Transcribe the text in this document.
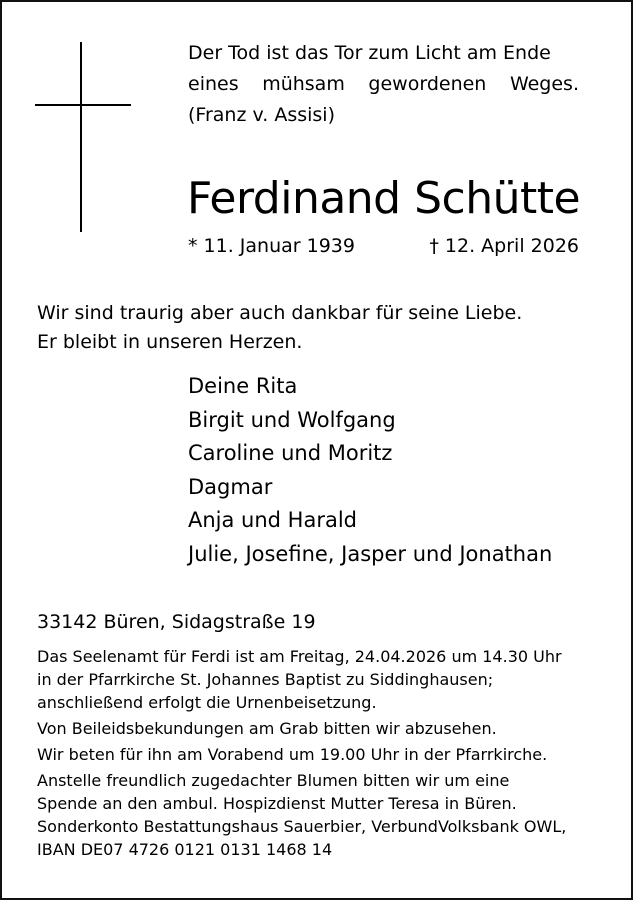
Der Tod ist das Tor zum Licht am Ende
eines mühsam gewordenen Weges.
(Franz v. Assisi)
Ferdinand Schütte
* 11. Januar 1939	† 12. April 2026
Wir sind traurig aber auch dankbar für seine Liebe.
Er bleibt in unseren Herzen.
Deine Rita
Birgit und Wolfgang
Caroline und Moritz
Dagmar
Anja und Harald
Julie, Josefine, Jasper und Jonathan
33142 Büren, Sidagstraße 19
Das Seelenamt für Ferdi ist am Freitag, 24.04.2026 um 14.30 Uhr
in der Pfarrkirche St. Johannes Baptist zu Siddinghausen;
anschließend erfolgt die Urnenbeisetzung.
Von Beileidsbekundungen am Grab bitten wir abzusehen.
Wir beten für ihn am Vorabend um 19.00 Uhr in der Pfarrkirche.
Anstelle freundlich zugedachter Blumen bitten wir um eine
Spende an den ambul. Hospizdienst Mutter Teresa in Büren.
Sonderkonto Bestattungshaus Sauerbier, VerbundVolksbank OWL,
IBAN DE07 4726 0121 0131 1468 14
